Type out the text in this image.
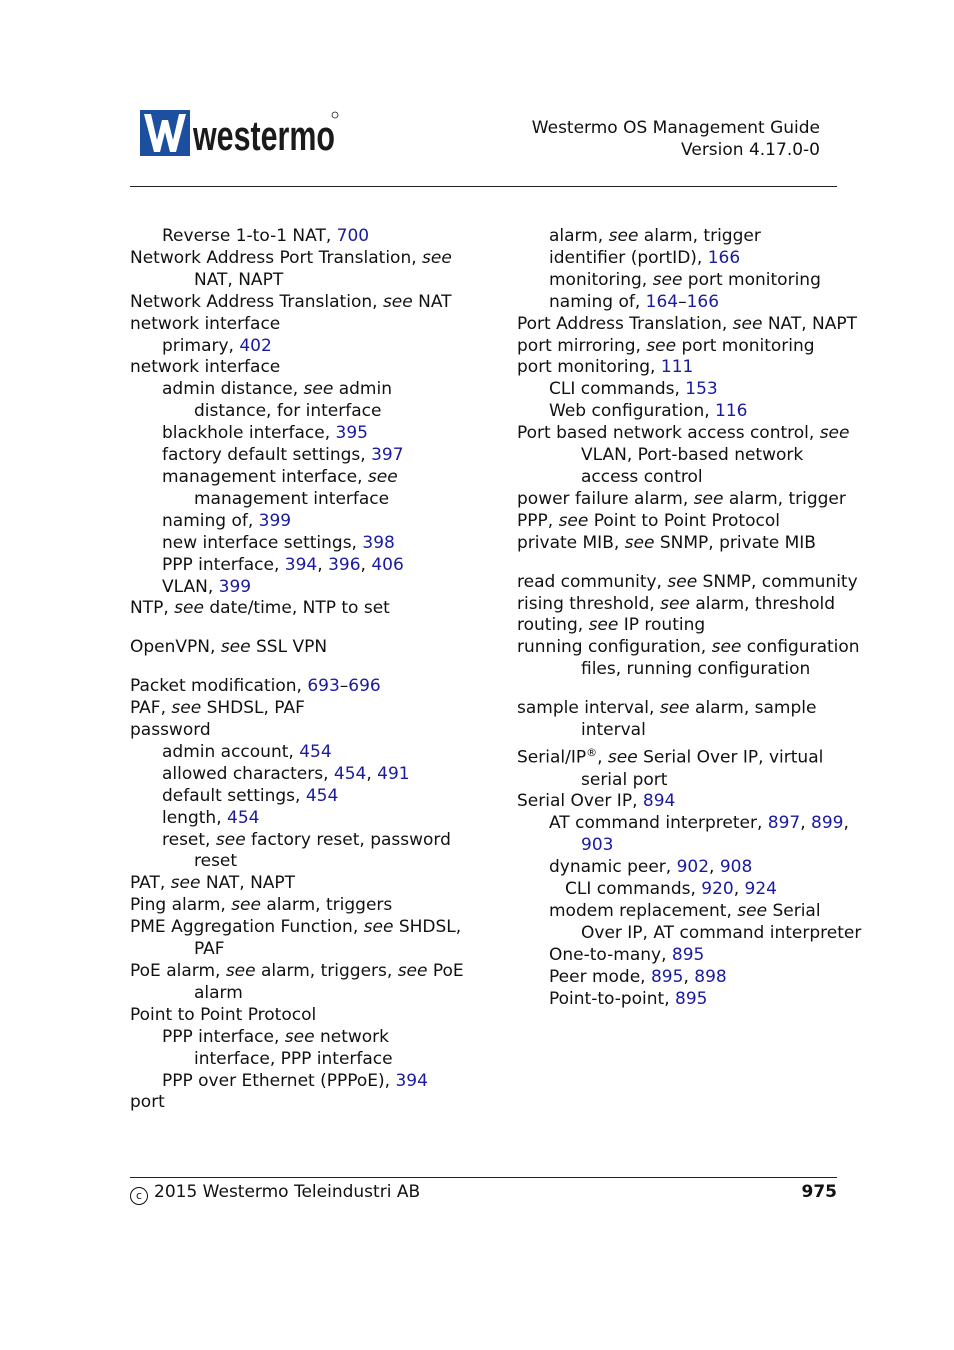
westermo	Westermo OS Management Guide
Version 4.17.0-0
Reverse 1-to-1 NAT, 700
Network Address Port Translation, see NAT, NAPT
Network Address Translation, see NAT
network interface
primary, 402
network interface
admin distance, see admin distance, for interface
blackhole interface, 395
factory default settings, 397
management interface, see management interface
naming of, 399
new interface settings, 398
PPP interface, 394, 396, 406
VLAN, 399
NTP, see date/time, NTP to set
OpenVPN, see SSL VPN
Packet modification, 693–696
PAF, see SHDSL, PAF
password
admin account, 454
allowed characters, 454, 491
default settings, 454
length, 454
reset, see factory reset, password reset
PAT, see NAT, NAPT
Ping alarm, see alarm, triggers
PME Aggregation Function, see SHDSL, PAF
PoE alarm, see alarm, triggers, see PoE alarm
Point to Point Protocol
PPP interface, see network interface, PPP interface
PPP over Ethernet (PPPoE), 394
port
alarm, see alarm, trigger
identifier (portID), 166
monitoring, see port monitoring
naming of, 164–166
Port Address Translation, see NAT, NAPT
port mirroring, see port monitoring
port monitoring, 111
CLI commands, 153
Web configuration, 116
Port based network access control, see VLAN, Port-based network access control
power failure alarm, see alarm, trigger
PPP, see Point to Point Protocol
private MIB, see SNMP, private MIB
read community, see SNMP, community
rising threshold, see alarm, threshold
routing, see IP routing
running configuration, see configuration files, running configuration
sample interval, see alarm, sample interval
Serial/IP®, see Serial Over IP, virtual serial port
Serial Over IP, 894
AT command interpreter, 897, 899, 903
dynamic peer, 902, 908
CLI commands, 920, 924
modem replacement, see Serial Over IP, AT command interpreter
One-to-many, 895
Peer mode, 895, 898
Point-to-point, 895
c 2015 Westermo Teleindustri AB	975
